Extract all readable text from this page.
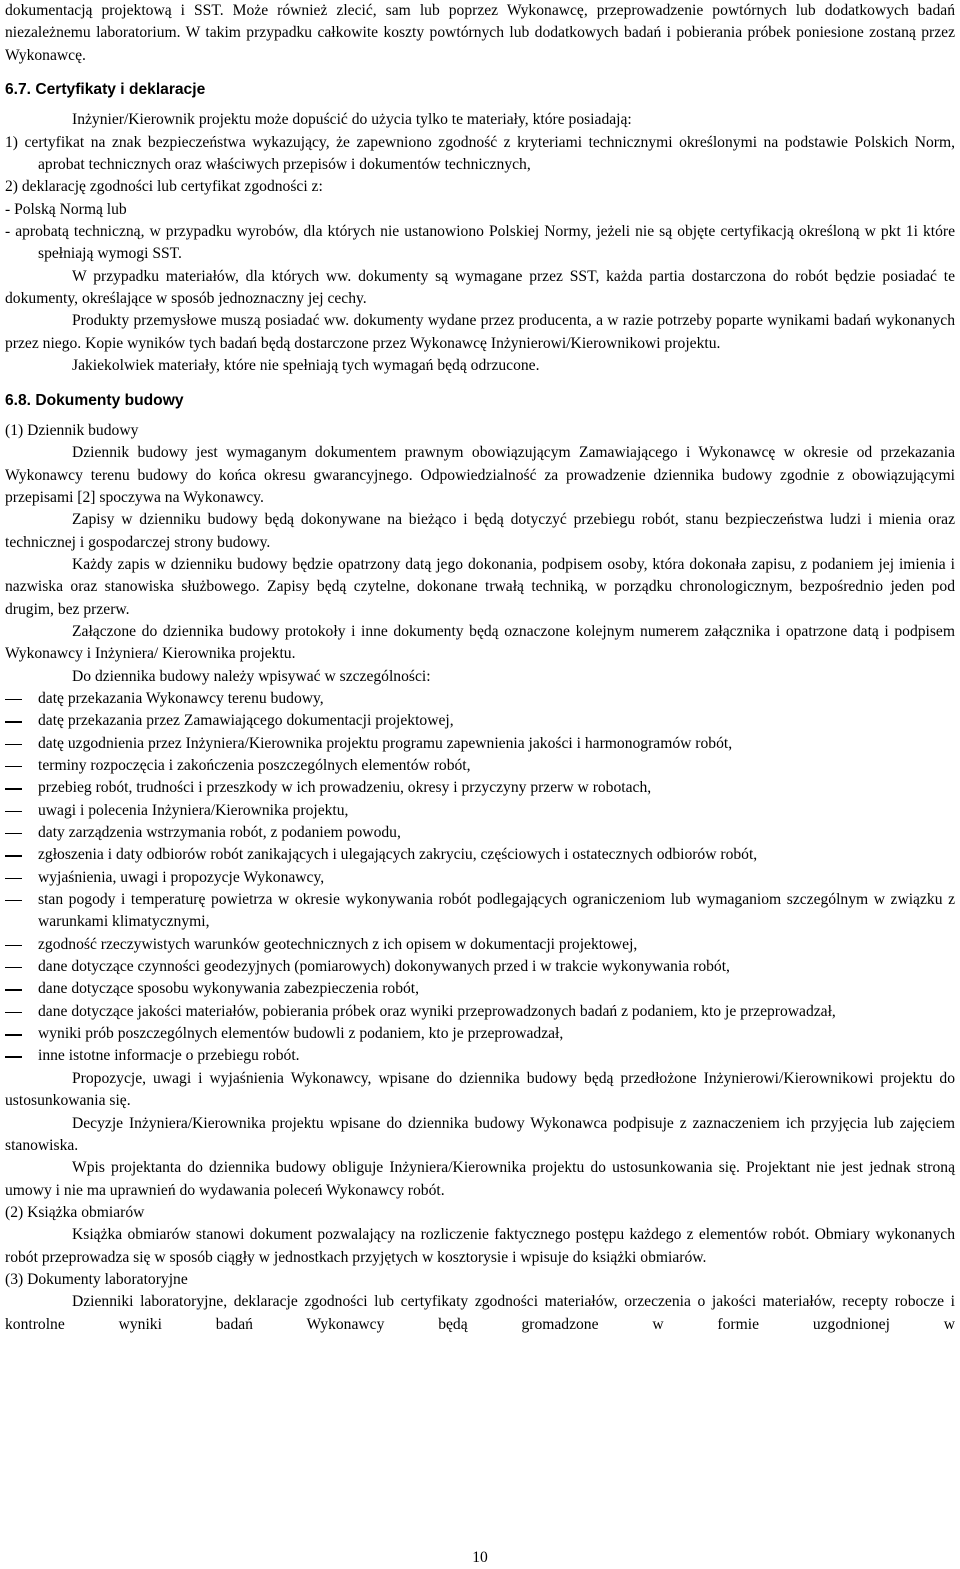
dokumentacją projektową i SST. Może również zlecić, sam lub poprzez Wykonawcę, przeprowadzenie powtórnych lub dodatkowych badań niezależnemu laboratorium. W takim przypadku całkowite koszty powtórnych lub dodatkowych badań i pobierania próbek poniesione zostaną przez Wykonawcę.

6.7. Certyfikaty i deklaracje

Inżynier/Kierownik projektu może dopuścić do użycia tylko te materiały, które posiadają:

1) certyfikat na znak bezpieczeństwa wykazujący, że zapewniono zgodność z kryteriami technicznymi określonymi na podstawie Polskich Norm, aprobat technicznych oraz właściwych przepisów i dokumentów technicznych,

2) deklarację zgodności lub certyfikat zgodności z:

- Polską Normą lub

- aprobatą techniczną, w przypadku wyrobów, dla których nie ustanowiono Polskiej Normy, jeżeli nie są objęte certyfikacją określoną w pkt 1i które spełniają wymogi SST.

W przypadku materiałów, dla których ww. dokumenty są wymagane przez SST, każda partia dostarczona do robót będzie posiadać te dokumenty, określające w sposób jednoznaczny jej cechy.

Produkty przemysłowe muszą posiadać ww. dokumenty wydane przez producenta, a w razie potrzeby poparte wynikami badań wykonanych przez niego. Kopie wyników tych badań będą dostarczone przez Wykonawcę Inżynierowi/Kierownikowi projektu.

Jakiekolwiek materiały, które nie spełniają tych wymagań będą odrzucone.

6.8. Dokumenty budowy

(1) Dziennik budowy

Dziennik budowy jest wymaganym dokumentem prawnym obowiązującym Zamawiającego i Wykonawcę w okresie od przekazania Wykonawcy terenu budowy do końca okresu gwarancyjnego. Odpowiedzialność za prowadzenie dziennika budowy zgodnie z obowiązującymi przepisami [2] spoczywa na Wykonawcy.

Zapisy w dzienniku budowy będą dokonywane na bieżąco i będą dotyczyć przebiegu robót, stanu bezpieczeństwa ludzi i mienia oraz technicznej i gospodarczej strony budowy.

Każdy zapis w dzienniku budowy będzie opatrzony datą jego dokonania, podpisem osoby, która dokonała zapisu, z podaniem jej imienia i nazwiska oraz stanowiska służbowego. Zapisy będą czytelne, dokonane trwałą techniką, w porządku chronologicznym, bezpośrednio jeden pod drugim, bez przerw.

Załączone do dziennika budowy protokoły i inne dokumenty będą oznaczone kolejnym numerem załącznika i opatrzone datą i podpisem Wykonawcy i Inżyniera/ Kierownika projektu.

Do dziennika budowy należy wpisywać w szczególności:

datę przekazania Wykonawcy terenu budowy,
datę przekazania przez Zamawiającego dokumentacji projektowej,
datę uzgodnienia przez Inżyniera/Kierownika projektu programu zapewnienia jakości i harmonogramów robót,
terminy rozpoczęcia i zakończenia poszczególnych elementów robót,
przebieg robót, trudności i przeszkody w ich prowadzeniu, okresy i przyczyny przerw w robotach,
uwagi i polecenia Inżyniera/Kierownika projektu,
daty zarządzenia wstrzymania robót, z podaniem powodu,
zgłoszenia i daty odbiorów robót zanikających i ulegających zakryciu, częściowych i ostatecznych odbiorów robót,
wyjaśnienia, uwagi i propozycje Wykonawcy,
stan pogody i temperaturę powietrza w okresie wykonywania robót podlegających ograniczeniom lub wymaganiom szczególnym w związku z warunkami klimatycznymi,
zgodność rzeczywistych warunków geotechnicznych z ich opisem w dokumentacji projektowej,
dane dotyczące czynności geodezyjnych (pomiarowych) dokonywanych przed i w trakcie wykonywania robót,
dane dotyczące sposobu wykonywania zabezpieczenia robót,
dane dotyczące jakości materiałów, pobierania próbek oraz wyniki przeprowadzonych badań z podaniem, kto je przeprowadzał,
wyniki prób poszczególnych elementów budowli z podaniem, kto je przeprowadzał,
inne istotne informacje o przebiegu robót.

Propozycje, uwagi i wyjaśnienia Wykonawcy, wpisane do dziennika budowy będą przedłożone Inżynierowi/Kierownikowi projektu do ustosunkowania się.

Decyzje Inżyniera/Kierownika projektu wpisane do dziennika budowy Wykonawca podpisuje z zaznaczeniem ich przyjęcia lub zajęciem stanowiska.

Wpis projektanta do dziennika budowy obliguje Inżyniera/Kierownika projektu do ustosunkowania się. Projektant nie jest jednak stroną umowy i nie ma uprawnień do wydawania poleceń Wykonawcy robót.

(2) Książka obmiarów

Książka obmiarów stanowi dokument pozwalający na rozliczenie faktycznego postępu każdego z elementów robót. Obmiary wykonanych robót przeprowadza się w sposób ciągły w jednostkach przyjętych w kosztorysie i wpisuje do książki obmiarów.

(3) Dokumenty laboratoryjne

Dzienniki laboratoryjne, deklaracje zgodności lub certyfikaty zgodności materiałów, orzeczenia o jakości materiałów, recepty robocze i kontrolne wyniki badań Wykonawcy będą gromadzone w formie uzgodnionej w

10
